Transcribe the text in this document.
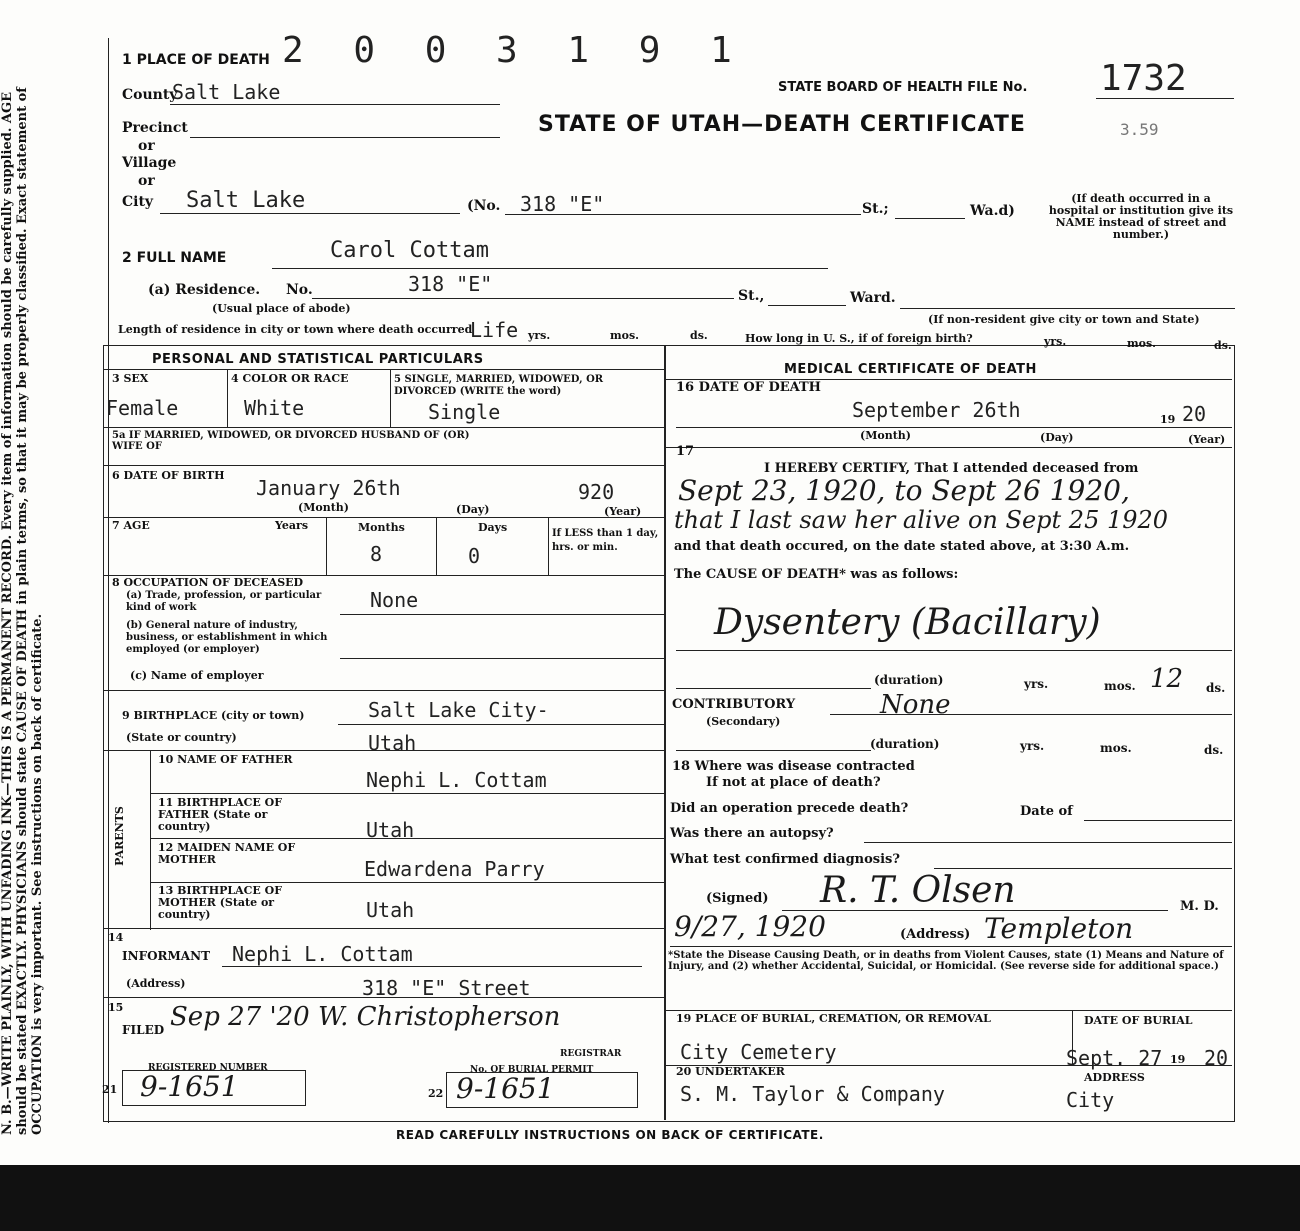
N. B.—WRITE PLAINLY, WITH UNFADING INK—THIS IS A PERMANENT RECORD. Every item of information should be carefully supplied. AGE should be stated EXACTLY. PHYSICIANS should state CAUSE OF DEATH in plain terms, so that it may be properly classified. Exact statement of OCCUPATION is very important. See instructions on back of certificate.
2 0 0 3 1 9 1
1 PLACE OF DEATH
STATE BOARD OF HEALTH FILE No. 1732
STATE OF UTAH—DEATH CERTIFICATE	3.59
County
Salt Lake
Precinct
or
Village
or
City Salt Lake	(No. 318 "E"	St.;	Wa.d)
(If death occurred in a hospital or institution give its NAME instead of street and number.)
2 FULL NAME	Carol Cottam
(a) Residence. No.	318 "E"
(Usual place of abode)
St.,	Ward.
(If non-resident give city or town and State)
Length of residence in city or town where death occurred
Life yrs.	mos.	ds.	How long in U. S., if of foreign birth?	yrs.	mos.	ds.
PERSONAL AND STATISTICAL PARTICULARS
3 SEX
Female
4 COLOR OR RACE
White
5 SINGLE, MARRIED, WIDOWED, OR DIVORCED (WRITE the word)
Single
5a IF MARRIED, WIDOWED, OR DIVORCED HUSBAND OF (OR) WIFE OF
6 DATE OF BIRTH
January 26th	920
(Month)	(Day)	(Year)
7 AGE	Years	Months
8
Days
0
If LESS than 1 day, hrs. or min.
8 OCCUPATION OF DECEASED
(a) Trade, profession, or particular kind of work	None
(b) General nature of industry, business, or establishment in which employed (or employer)
(c) Name of employer
9 BIRTHPLACE (city or town)	Salt Lake City-
(State or country)	Utah
PARENTS
10 NAME OF FATHER
Nephi L. Cottam
11 BIRTHPLACE OF FATHER (State or country)	Utah
12 MAIDEN NAME OF MOTHER	Edwardena Parry
13 BIRTHPLACE OF MOTHER (State or country)	Utah
14
INFORMANT Nephi L. Cottam
(Address)	318 "E" Street
15
FILED Sep 27 '20 W. Christopherson
REGISTRAR
REGISTERED NUMBER
21 9-1651	No. OF BURIAL PERMIT
22 9-1651
MEDICAL CERTIFICATE OF DEATH
16 DATE OF DEATH
September 26th	19 20
(Month)	(Day)	(Year)
17
I HEREBY CERTIFY, That I attended deceased from
Sept 23, 1920, to Sept 26 1920,
that I last saw her alive on Sept 25 1920
and that death occured, on the date stated above, at 3:30 A.m.
The CAUSE OF DEATH* was as follows:
Dysentery (Bacillary)
(duration)	yrs.	mos. 12 ds.
CONTRIBUTORY
(Secondary)
None
(duration)	yrs.	mos.	ds.
18 Where was disease contracted
If not at place of death?
Did an operation precede death?	Date of
Was there an autopsy?
What test confirmed diagnosis?
(Signed) R. T. Olsen	M. D.
9/27, 1920	(Address) Templeton
*State the Disease Causing Death, or in deaths from Violent Causes, state (1) Means and Nature of Injury, and (2) whether Accidental, Suicidal, or Homicidal. (See reverse side for additional space.)
19 PLACE OF BURIAL, CREMATION, OR REMOVAL
City Cemetery
DATE OF BURIAL
Sept. 27 19 20
20 UNDERTAKER
S. M. Taylor & Company
ADDRESS
City
READ CAREFULLY INSTRUCTIONS ON BACK OF CERTIFICATE.
